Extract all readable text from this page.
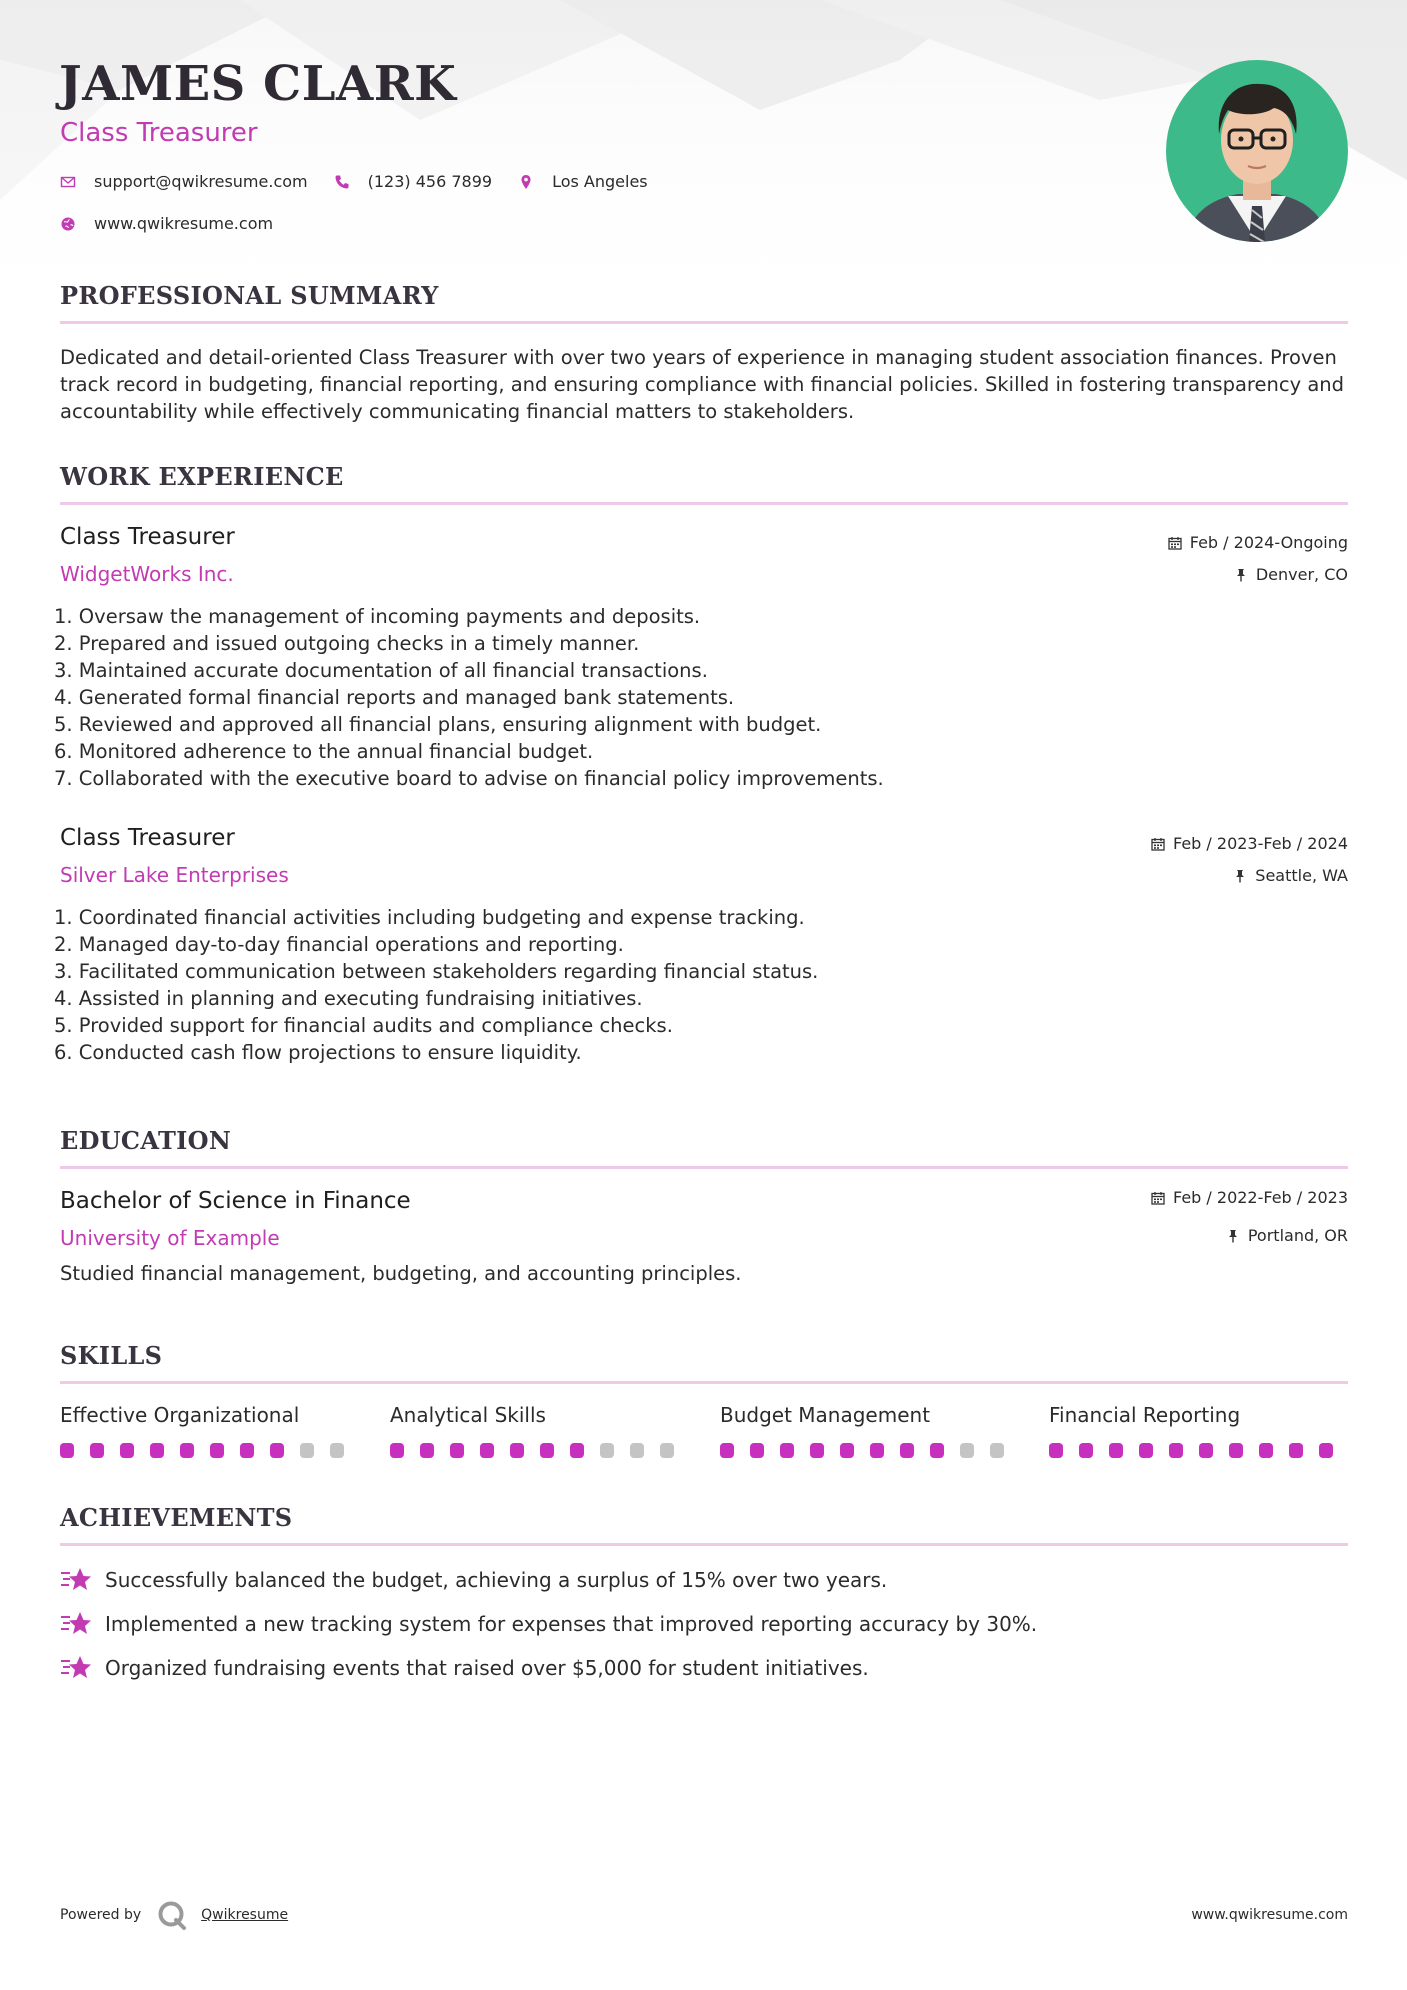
JAMES CLARK
Class Treasurer
support@qwikresume.com	(123) 456 7899	Los Angeles
www.qwikresume.com
PROFESSIONAL SUMMARY

Dedicated and detail-oriented Class Treasurer with over two years of experience in managing student association finances. Proven track record in budgeting, financial reporting, and ensuring compliance with financial policies. Skilled in fostering transparency and accountability while effectively communicating financial matters to stakeholders.

WORK EXPERIENCE
Class Treasurer
WidgetWorks Inc.
Feb / 2024-Ongoing
Denver, CO
1. Oversaw the management of incoming payments and deposits.
2. Prepared and issued outgoing checks in a timely manner.
3. Maintained accurate documentation of all financial transactions.
4. Generated formal financial reports and managed bank statements.
5. Reviewed and approved all financial plans, ensuring alignment with budget.
6. Monitored adherence to the annual financial budget.
7. Collaborated with the executive board to advise on financial policy improvements.
Class Treasurer
Silver Lake Enterprises
Feb / 2023-Feb / 2024
Seattle, WA
1. Coordinated financial activities including budgeting and expense tracking.
2. Managed day-to-day financial operations and reporting.
3. Facilitated communication between stakeholders regarding financial status.
4. Assisted in planning and executing fundraising initiatives.
5. Provided support for financial audits and compliance checks.
6. Conducted cash flow projections to ensure liquidity.
EDUCATION
Bachelor of Science in Finance
University of Example
Feb / 2022-Feb / 2023
Portland, OR
Studied financial management, budgeting, and accounting principles.
SKILLS
Effective Organizational	Analytical Skills	Budget Management	Financial Reporting
ACHIEVEMENTS
Successfully balanced the budget, achieving a surplus of 15% over two years.
Implemented a new tracking system for expenses that improved reporting accuracy by 30%.
Organized fundraising events that raised over $5,000 for student initiatives.
Powered by	Qwikresume	www.qwikresume.com
